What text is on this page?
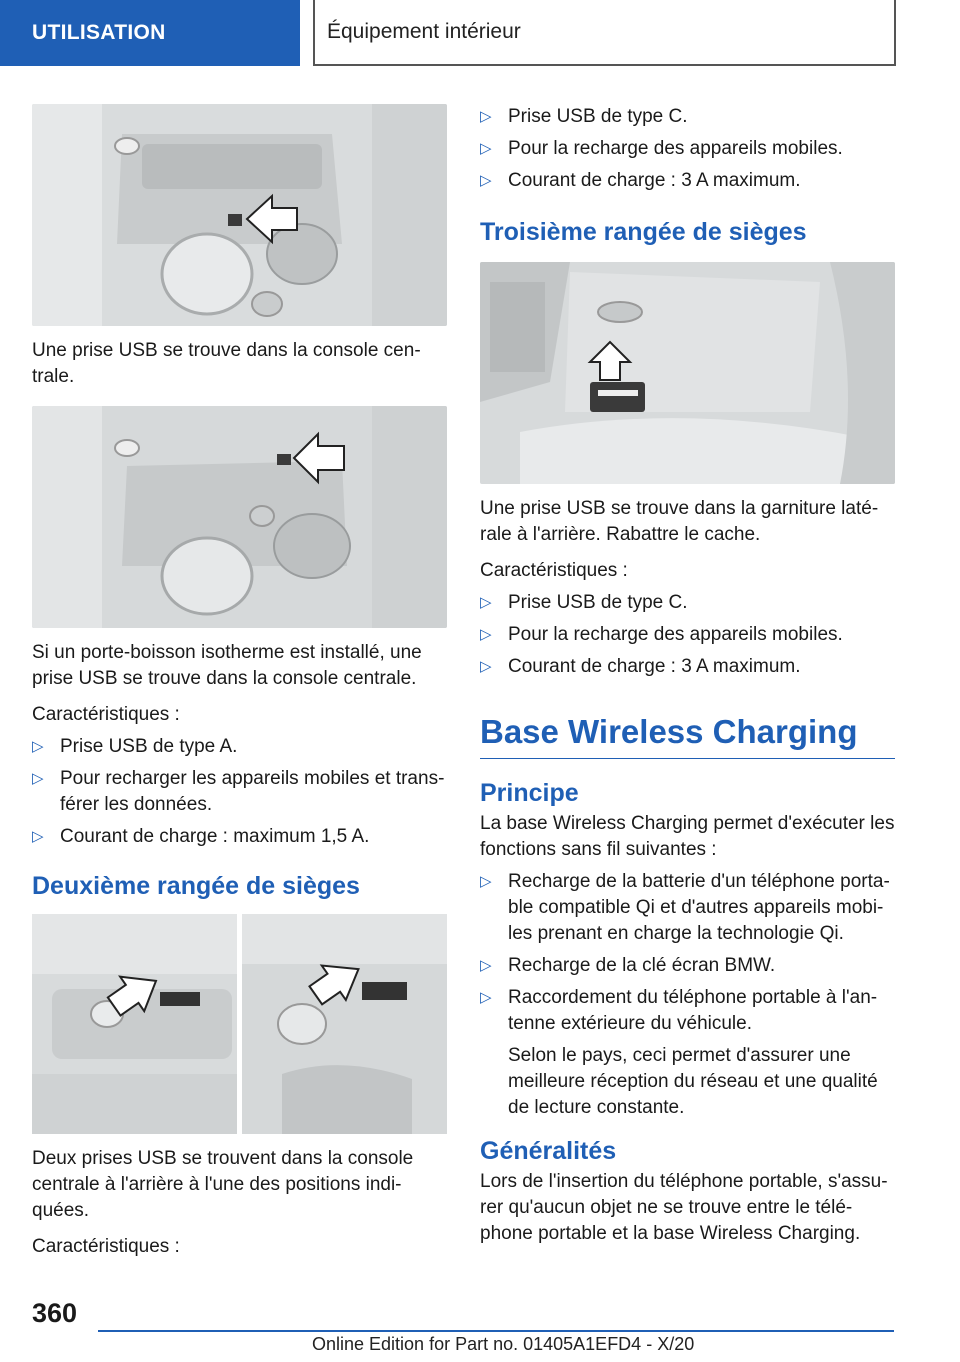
UTILISATION	Équipement intérieur

Une prise USB se trouve dans la console cen-trale.

Si un porte-boisson isotherme est installé, une prise USB se trouve dans la console centrale.

Caractéristiques :

▷ Prise USB de type A.
▷ Pour recharger les appareils mobiles et trans-férer les données.
▷ Courant de charge : maximum 1,5 A.
Deuxième rangée de sièges

Deux prises USB se trouvent dans la console centrale à l'arrière à l'une des positions indi-quées.

Caractéristiques :

▷ Prise USB de type C.
▷ Pour la recharge des appareils mobiles.
▷ Courant de charge : 3 A maximum.
Troisième rangée de sièges

Une prise USB se trouve dans la garniture laté-rale à l'arrière. Rabattre le cache.

Caractéristiques :

▷ Prise USB de type C.
▷ Pour la recharge des appareils mobiles.
▷ Courant de charge : 3 A maximum.
Base Wireless Charging
Principe

La base Wireless Charging permet d'exécuter les fonctions sans fil suivantes :

▷ Recharge de la batterie d'un téléphone porta-ble compatible Qi et d'autres appareils mobi-les prenant en charge la technologie Qi.
▷ Recharge de la clé écran BMW.
▷ Raccordement du téléphone portable à l'an-tenne extérieure du véhicule.
Selon le pays, ceci permet d'assurer une meilleure réception du réseau et une qualité de lecture constante.
Généralités

Lors de l'insertion du téléphone portable, s'assu-rer qu'aucun objet ne se trouve entre le télé-phone portable et la base Wireless Charging.

360
Online Edition for Part no. 01405A1EFD4 - X/20
